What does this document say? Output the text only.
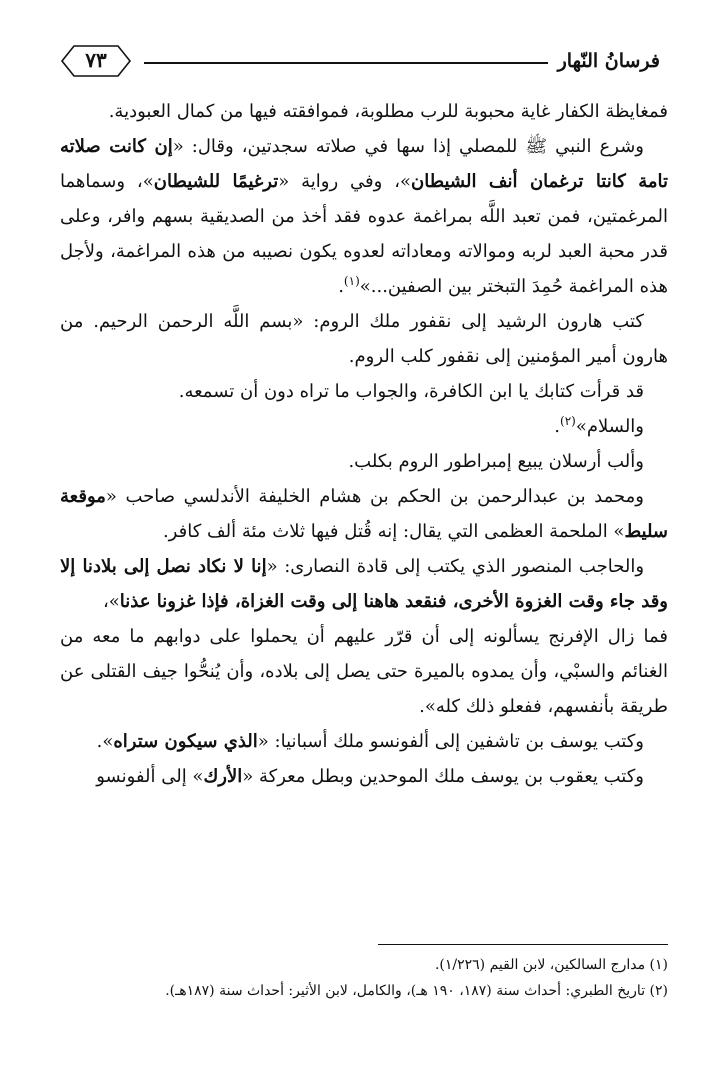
فرسانُ النّهار
٧٣

فمغايظة الكفار غاية محبوبة للرب مطلوبة، فموافقته فيها من كمال العبودية.

وشرع النبي ﷺ للمصلي إذا سها في صلاته سجدتين، وقال: «إن كانت صلاته تامة كانتا ترغمان أنف الشيطان»، وفي رواية «ترغيمًا للشيطان»، وسماهما المرغمتين، فمن تعبد اللَّه بمراغمة عدوه فقد أخذ من الصديقية بسهم وافر، وعلى قدر محبة العبد لربه وموالاته ومعاداته لعدوه يكون نصيبه من هذه المراغمة، ولأجل هذه المراغمة حُمِدَ التبختر بين الصفين...»$^{(١)}$.

كتب هارون الرشيد إلى نقفور ملك الروم: «بسم اللَّه الرحمن الرحيم. من هارون أمير المؤمنين إلى نقفور كلب الروم.

قد قرأت كتابك يا ابن الكافرة، والجواب ما تراه دون أن تسمعه.

والسلام»$^{(٢)}$.

وألب أرسلان يبيع إمبراطور الروم بكلب.

ومحمد بن عبدالرحمن بن الحكم بن هشام الخليفة الأندلسي صاحب «موقعة سليط» الملحمة العظمى التي يقال: إنه قُتل فيها ثلاث مئة ألف كافر.

والحاجب المنصور الذي يكتب إلى قادة النصارى: «إنا لا نكاد نصل إلى بلادنا إلا وقد جاء وقت الغزوة الأخرى، فنقعد هاهنا إلى وقت الغزاة، فإذا غزونا عذنا»،

فما زال الإفرنج يسألونه إلى أن قرّر عليهم أن يحملوا على دوابهم ما معه من الغنائم والسبْي، وأن يمدوه بالميرة حتى يصل إلى بلاده، وأن يُنحُّوا جيف القتلى عن طريقة بأنفسهم، ففعلو ذلك كله».

وكتب يوسف بن تاشفين إلى ألفونسو ملك أسبانيا: «الذي سيكون ستراه».

وكتب يعقوب بن يوسف ملك الموحدين وبطل معركة «الأرك» إلى ألفونسو

(١) مدارج السالكين، لابن القيم (١/٢٢٦).
(٢) تاريخ الطبري: أحداث سنة (١٨٧، ١٩٠ هـ)، والكامل، لابن الأثير: أحداث سنة (١٨٧هـ).
